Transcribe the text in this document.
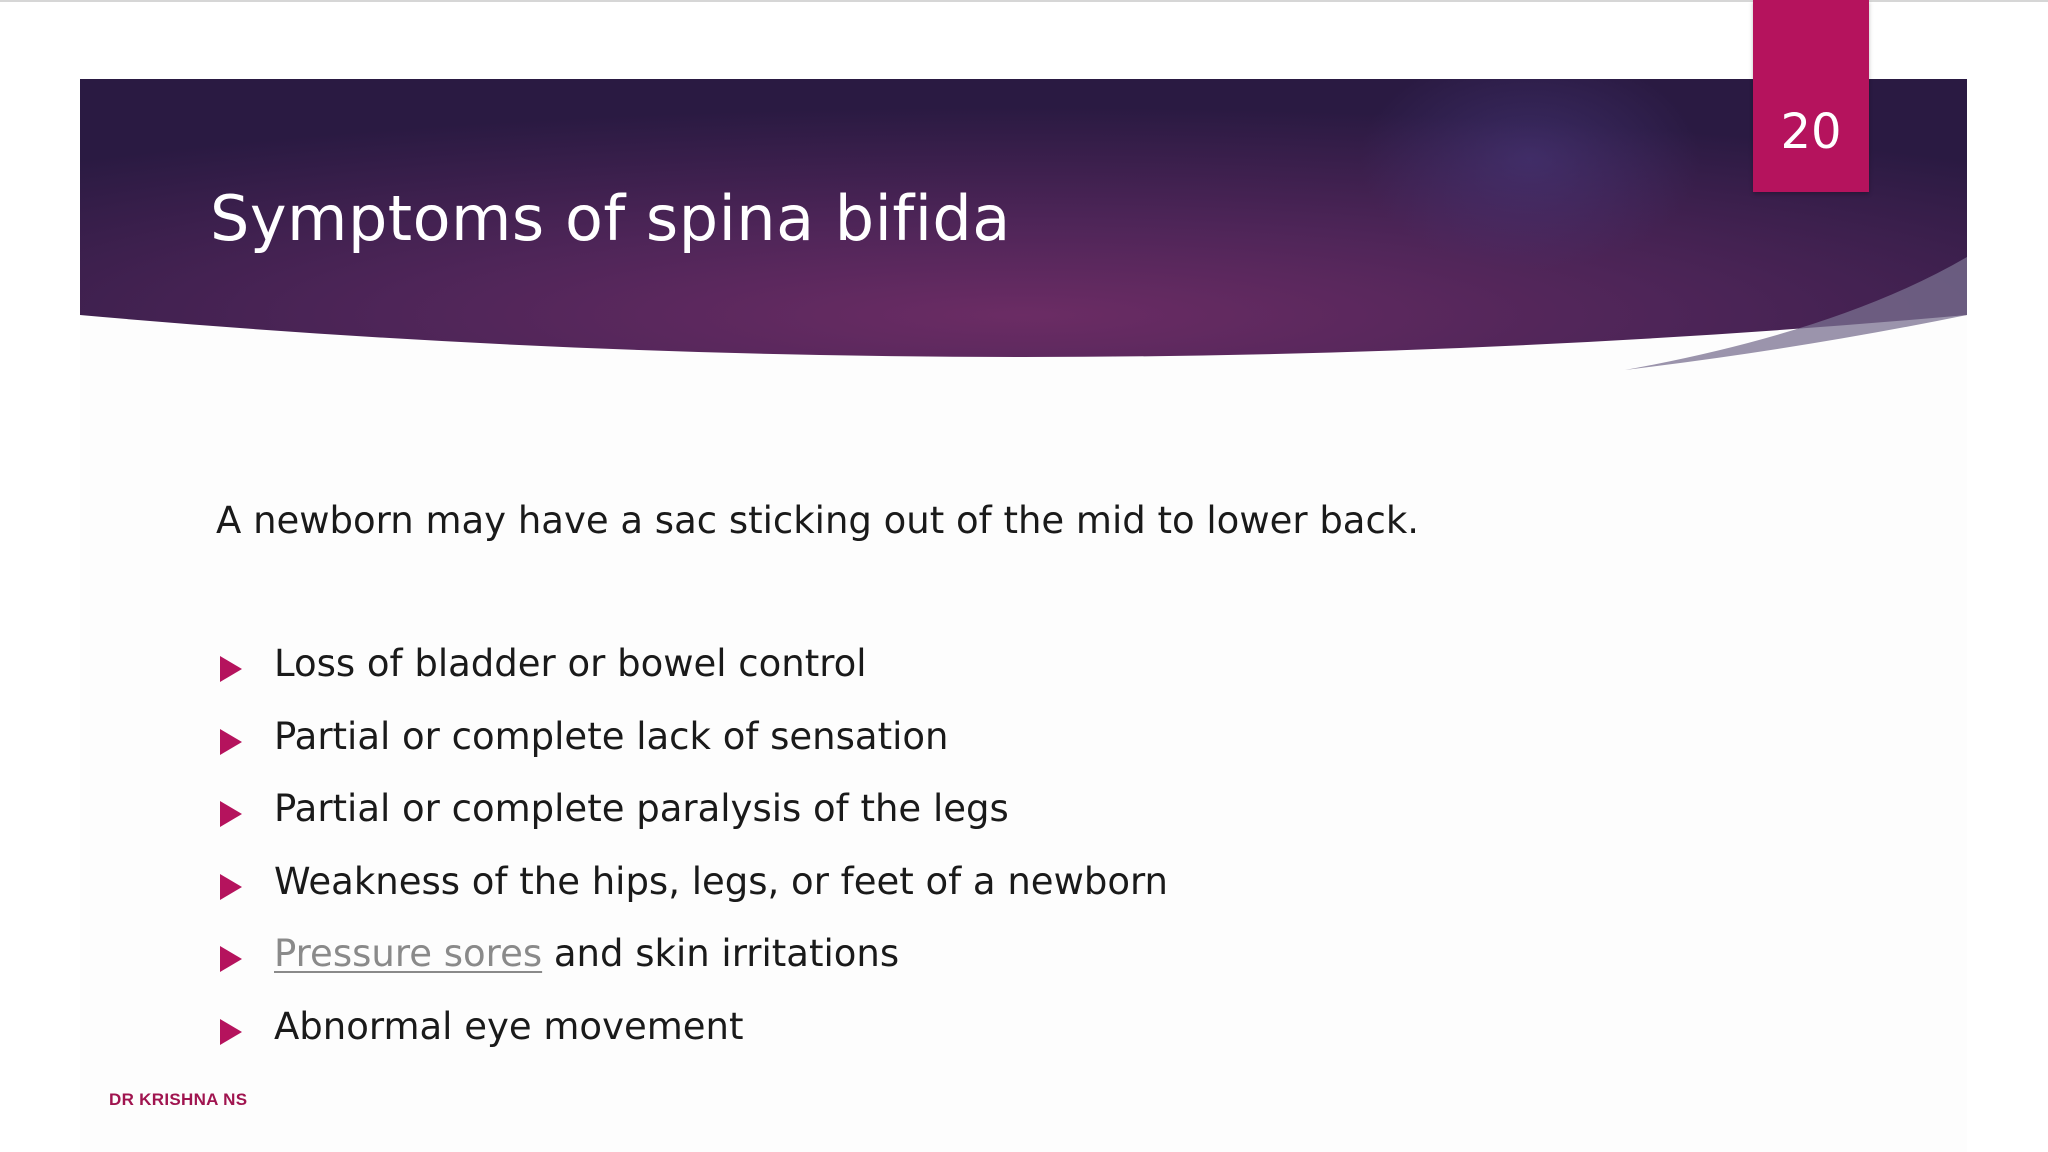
Symptoms of spina bifida

A newborn may have a sac sticking out of the mid to lower back.

Loss of bladder or bowel control
Partial or complete lack of sensation
Partial or complete paralysis of the legs
Weakness of the hips, legs, or feet of a newborn
Pressure sores and skin irritations
Abnormal eye movement
DR KRISHNA NS
20
